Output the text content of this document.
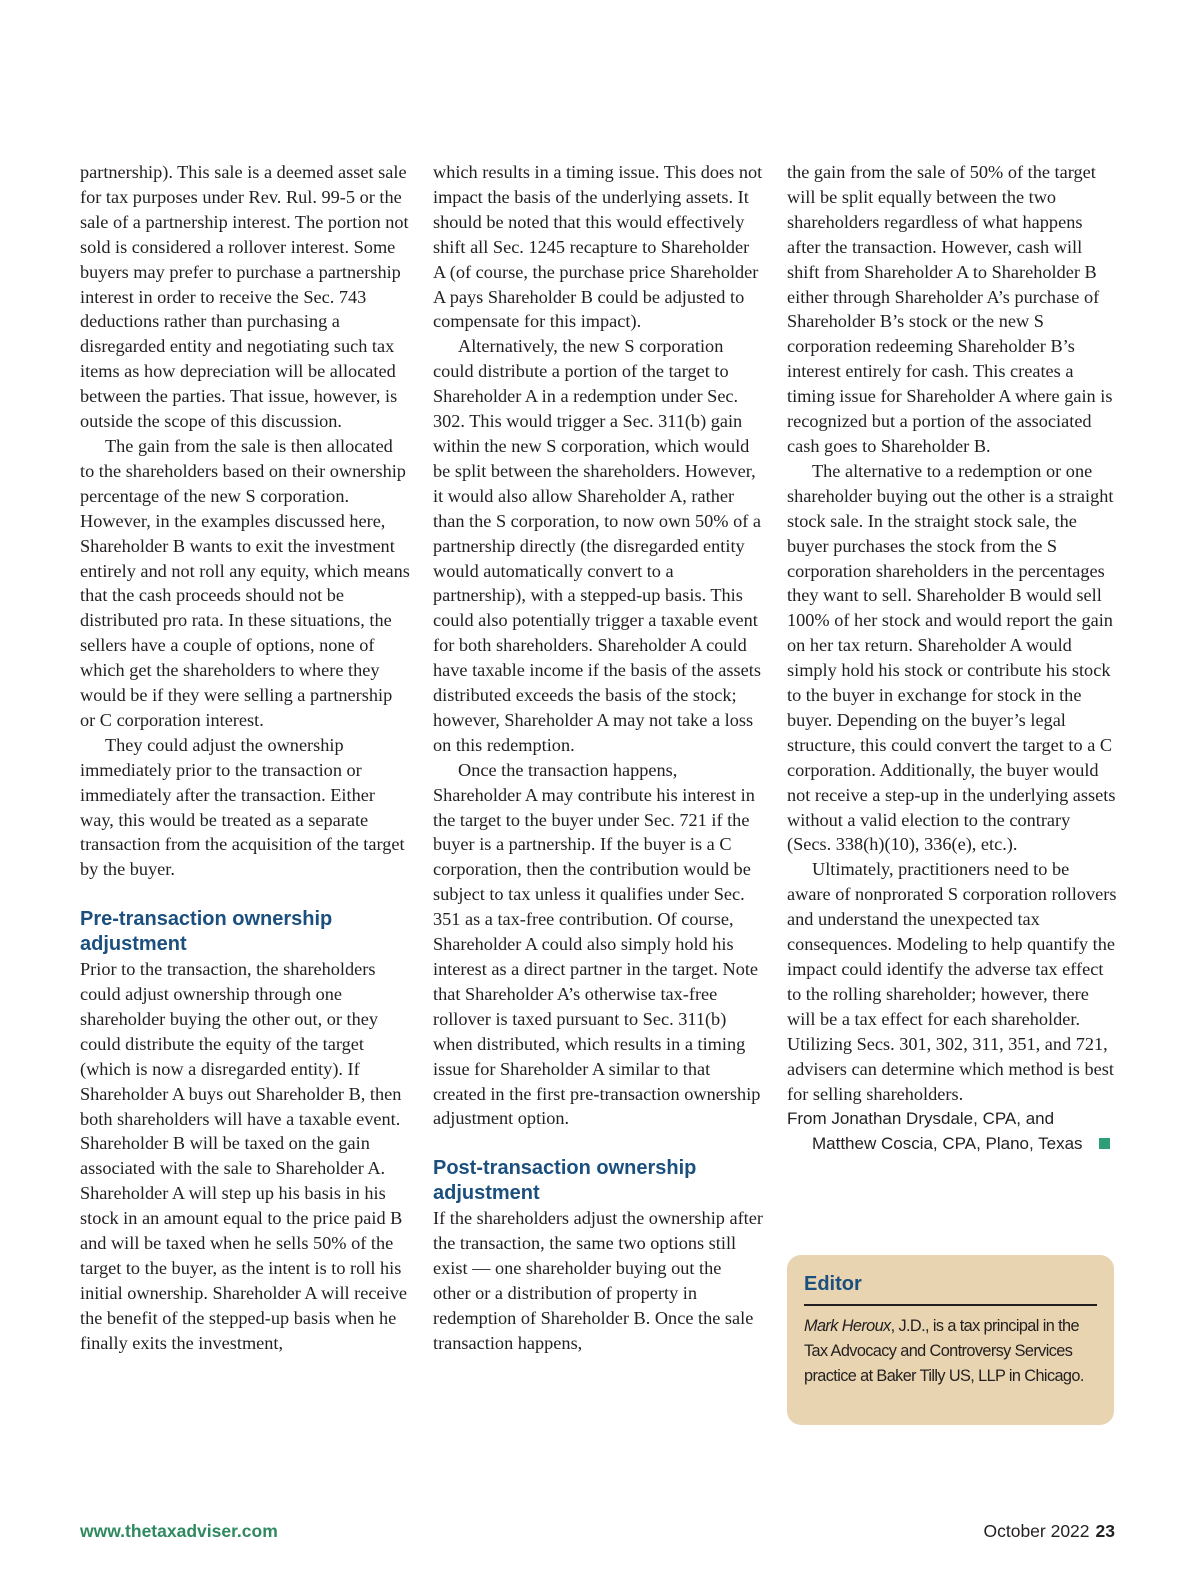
partnership). This sale is a deemed asset sale for tax purposes under Rev. Rul. 99-5 or the sale of a partnership interest. The portion not sold is considered a rollover interest. Some buyers may prefer to purchase a partnership interest in order to receive the Sec. 743 deductions rather than purchasing a disregarded entity and negotiating such tax items as how depreciation will be allocated between the parties. That issue, however, is outside the scope of this discussion.

The gain from the sale is then allocated to the shareholders based on their ownership percentage of the new S corporation. However, in the examples discussed here, Shareholder B wants to exit the investment entirely and not roll any equity, which means that the cash proceeds should not be distributed pro rata. In these situations, the sellers have a couple of options, none of which get the shareholders to where they would be if they were selling a partnership or C corporation interest.

They could adjust the ownership immediately prior to the transaction or immediately after the transaction. Either way, this would be treated as a separate transaction from the acquisition of the target by the buyer.

Pre-transaction ownership adjustment

Prior to the transaction, the shareholders could adjust ownership through one shareholder buying the other out, or they could distribute the equity of the target (which is now a disregarded entity). If Shareholder A buys out Shareholder B, then both shareholders will have a taxable event. Shareholder B will be taxed on the gain associated with the sale to Shareholder A. Shareholder A will step up his basis in his stock in an amount equal to the price paid B and will be taxed when he sells 50% of the target to the buyer, as the intent is to roll his initial ownership. Shareholder A will receive the benefit of the stepped-up basis when he finally exits the investment,

which results in a timing issue. This does not impact the basis of the underlying assets. It should be noted that this would effectively shift all Sec. 1245 recapture to Shareholder A (of course, the purchase price Shareholder A pays Shareholder B could be adjusted to compensate for this impact).

Alternatively, the new S corporation could distribute a portion of the target to Shareholder A in a redemption under Sec. 302. This would trigger a Sec. 311(b) gain within the new S corporation, which would be split between the shareholders. However, it would also allow Shareholder A, rather than the S corporation, to now own 50% of a partnership directly (the disregarded entity would automatically convert to a partnership), with a stepped-up basis. This could also potentially trigger a taxable event for both shareholders. Shareholder A could have taxable income if the basis of the assets distributed exceeds the basis of the stock; however, Shareholder A may not take a loss on this redemption.

Once the transaction happens, Shareholder A may contribute his interest in the target to the buyer under Sec. 721 if the buyer is a partnership. If the buyer is a C corporation, then the contribution would be subject to tax unless it qualifies under Sec. 351 as a tax-free contribution. Of course, Shareholder A could also simply hold his interest as a direct partner in the target. Note that Shareholder A’s otherwise tax-free rollover is taxed pursuant to Sec. 311(b) when distributed, which results in a timing issue for Shareholder A similar to that created in the first pre-transaction ownership adjustment option.

Post-transaction ownership adjustment

If the shareholders adjust the ownership after the transaction, the same two options still exist — one shareholder buying out the other or a distribution of property in redemption of Shareholder B. Once the sale transaction happens,

the gain from the sale of 50% of the target will be split equally between the two shareholders regardless of what happens after the transaction. However, cash will shift from Shareholder A to Shareholder B either through Shareholder A’s purchase of Shareholder B’s stock or the new S corporation redeeming Shareholder B’s interest entirely for cash. This creates a timing issue for Shareholder A where gain is recognized but a portion of the associated cash goes to Shareholder B.

The alternative to a redemption or one shareholder buying out the other is a straight stock sale. In the straight stock sale, the buyer purchases the stock from the S corporation shareholders in the percentages they want to sell. Shareholder B would sell 100% of her stock and would report the gain on her tax return. Shareholder A would simply hold his stock or contribute his stock to the buyer in exchange for stock in the buyer. Depending on the buyer’s legal structure, this could convert the target to a C corporation. Additionally, the buyer would not receive a step-up in the underlying assets without a valid election to the contrary (Secs. 338(h)(10), 336(e), etc.).

Ultimately, practitioners need to be aware of nonprorated S corporation rollovers and understand the unexpected tax consequences. Modeling to help quantify the impact could identify the adverse tax effect to the rolling shareholder; however, there will be a tax effect for each shareholder. Utilizing Secs. 301, 302, 311, 351, and 721, advisers can determine which method is best for selling shareholders.

From Jonathan Drysdale, CPA, and Matthew Coscia, CPA, Plano, Texas

Editor
Mark Heroux, J.D., is a tax principal in the Tax Advocacy and Controversy Services practice at Baker Tilly US, LLP in Chicago.
www.thetaxadviser.com	October 2022 23
